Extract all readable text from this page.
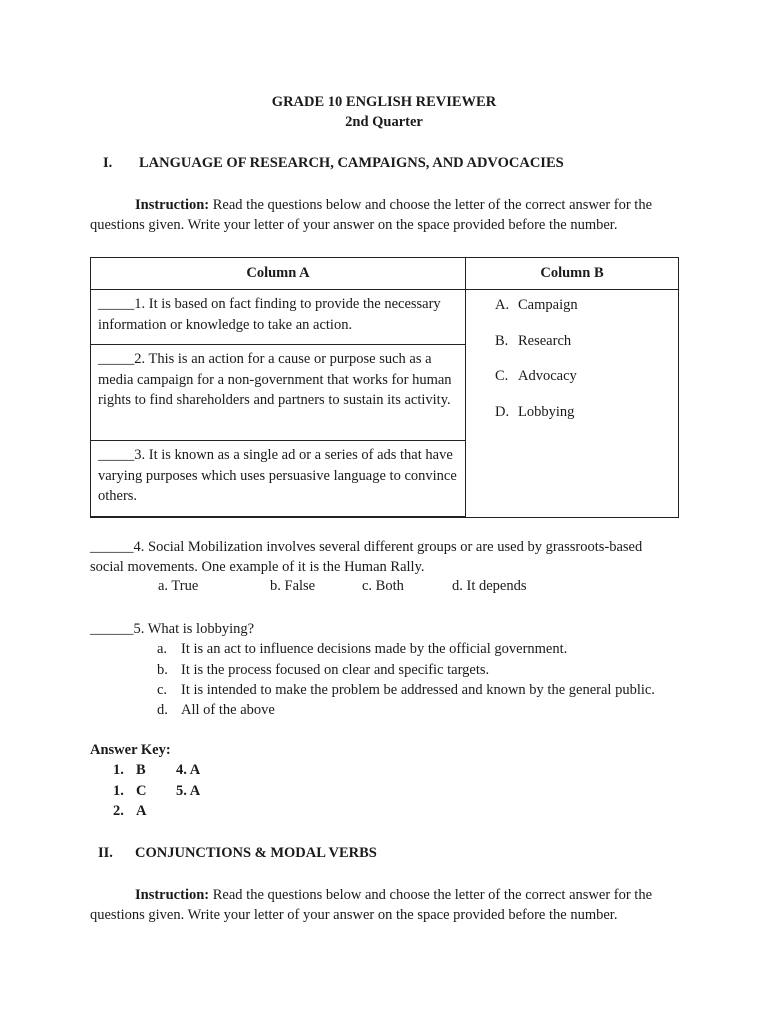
GRADE 10 ENGLISH REVIEWER
2nd Quarter
I. LANGUAGE OF RESEARCH, CAMPAIGNS, AND ADVOCACIES
Instruction: Read the questions below and choose the letter of the correct answer for the
questions given. Write your letter of your answer on the space provided before the number.
Column A	Column B
_____1. It is based on fact finding to provide the necessary information or knowledge to take an action.	A. Campaign
B. Research
C. Advocacy
D. Lobbying

_____2. This is an action for a cause or purpose such as a media campaign for a non-government that works for human rights to find shareholders and partners to sustain its activity.	
_____3. It is known as a single ad or a series of ads that have varying purposes which uses persuasive language to convince others.	
______4. Social Mobilization involves several different groups or are used by grassroots-based
social movements. One example of it is the Human Rally.
a. True	b. False	c. Both	d. It depends
______5. What is lobbying?
a. It is an act to influence decisions made by the official government.
b. It is the process focused on clear and specific targets.
c. It is intended to make the problem be addressed and known by the general public.
d. All of the above
Answer Key:
1. B 4. A
1. C 5. A
2. A
II. CONJUNCTIONS & MODAL VERBS
Instruction: Read the questions below and choose the letter of the correct answer for the
questions given. Write your letter of your answer on the space provided before the number.
